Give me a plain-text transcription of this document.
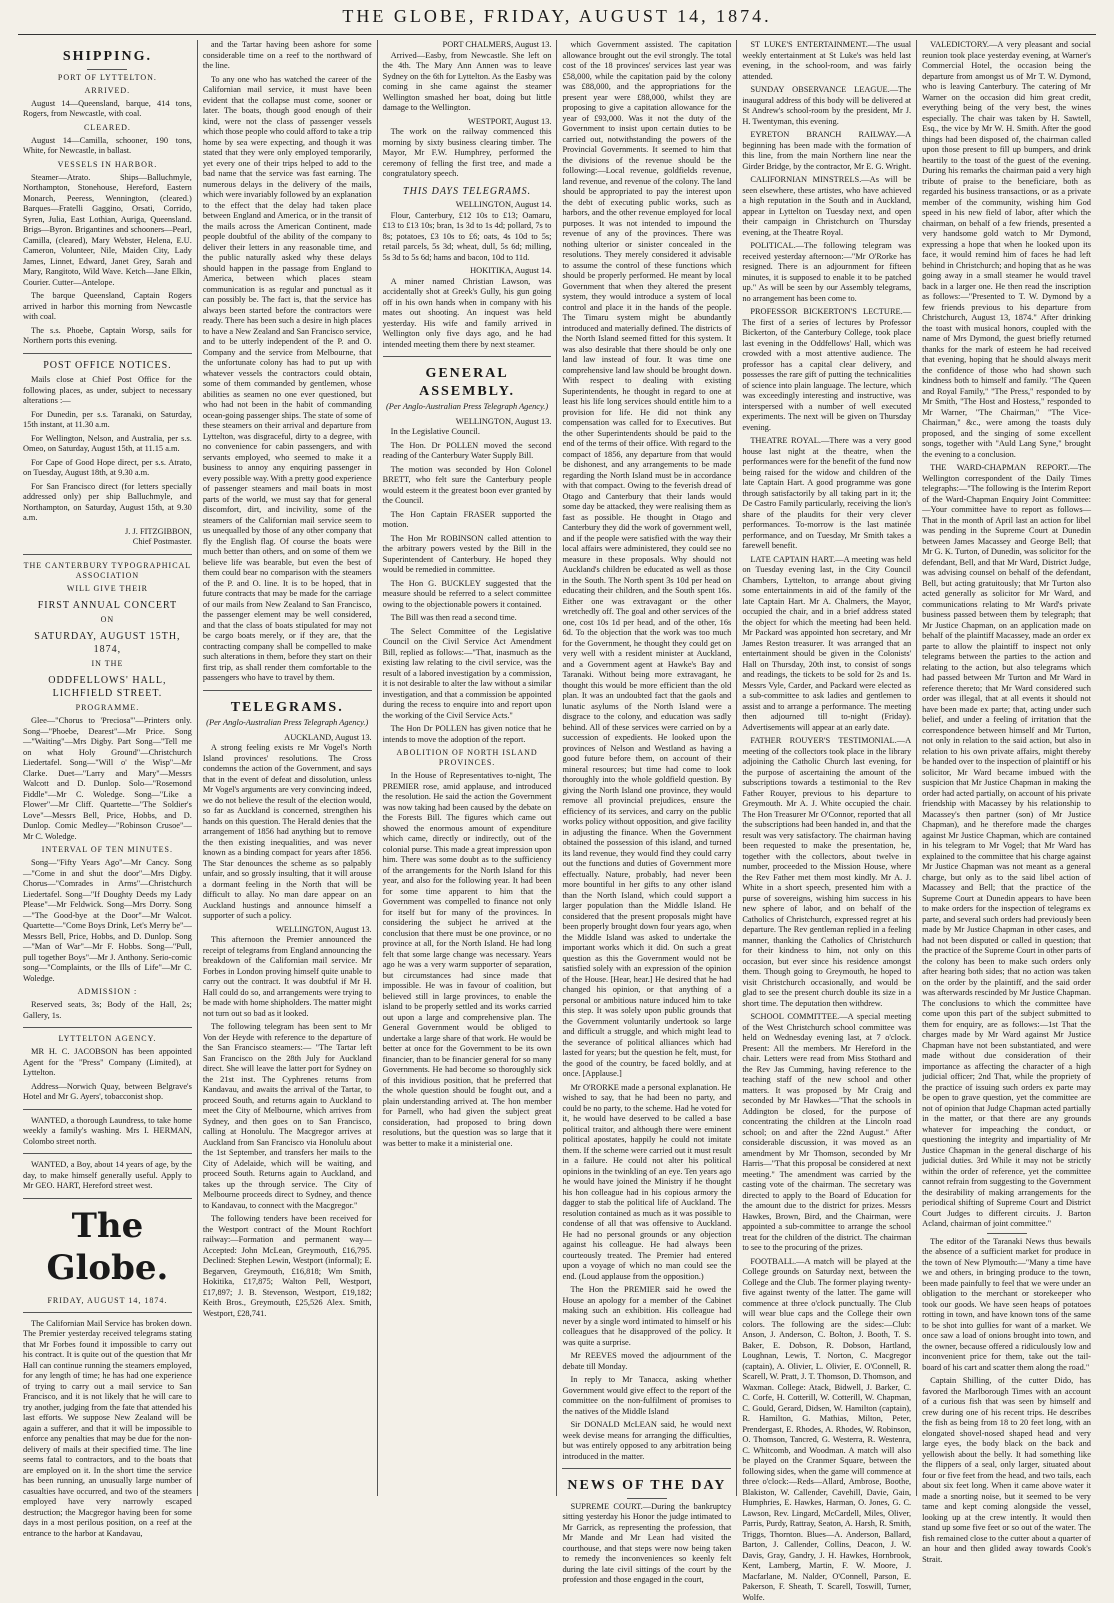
THE GLOBE, FRIDAY, AUGUST 14, 1874.
SHIPPING.
PORT OF LYTTELTON.
ARRIVED.

August 14—Queensland, barque, 414 tons, Rogers, from Newcastle, with coal.

CLEARED.

August 14—Camilla, schooner, 190 tons, White, for Newcastle, in ballast.

VESSELS IN HARBOR.

Steamer—Atrato. Ships—Balluchmyle, Northampton, Stonehouse, Hereford, Eastern Monarch, Peeress, Wennington, (cleared.) Barques—Fratelli Gaggino, Orsati, Corrido, Syren, Julia, East Lothian, Auriga, Queensland. Brigs—Byron. Brigantines and schooners—Pearl, Camilla, (cleared), Mary Webster, Helena, E.U. Cameron, Volunteer, Nile, Maiden City, Lady James, Linnet, Edward, Janet Grey, Sarah and Mary, Rangitoto, Wild Wave. Ketch—Jane Elkin, Courier. Cutter—Antelope.

The barque Queensland, Captain Rogers arrived in harbor this morning from Newcastle with coal.

The s.s. Phoebe, Captain Worsp, sails for Northern ports this evening.

POST OFFICE NOTICES.

Mails close at Chief Post Office for the following places, as under, subject to necessary alterations :—

For Dunedin, per s.s. Taranaki, on Saturday, 15th instant, at 11.30 a.m.

For Wellington, Nelson, and Australia, per s.s. Omeo, on Saturday, August 15th, at 11.15 a.m.

For Cape of Good Hope direct, per s.s. Atrato, on Tuesday, August 18th, at 9.30 a.m.

For San Francisco direct (for letters specially addressed only) per ship Balluchmyle, and Northampton, on Saturday, August 15th, at 9.30 a.m.

J. J. FITZGIBBON,
Chief Postmaster.
THE CANTERBURY TYPOGRAPHICAL ASSOCIATION
WILL GIVE THEIR
FIRST ANNUAL CONCERT
ON
SATURDAY, AUGUST 15TH, 1874,
IN THE
ODDFELLOWS' HALL, LICHFIELD STREET.
PROGRAMME.

Glee—"Chorus to 'Preciosa'"—Printers only. Song—"Phoebe, Dearest"—Mr Price. Song—"Waiting"—Mrs Digby. Part Song—"Tell me on what Holy Ground"—Christchurch Liedertafel. Song—"Will o' the Wisp"—Mr Clarke. Duet—"Larry and Mary"—Messrs Walcott and D. Dunlop. Solo—"Rosemond Fiddle"—Mr C. Woledge. Song—"Like a Flower"—Mr Cliff. Quartette—"The Soldier's Love"—Messrs Bell, Price, Hobbs, and D. Dunlop. Comic Medley—"Robinson Crusoe"—Mr C. Woledge.

INTERVAL OF TEN MINUTES.

Song—"Fifty Years Ago"—Mr Cancy. Song—"Come in and shut the door"—Mrs Digby. Chorus—"Comrades in Arms"—Christchurch Liedertafel. Song—"If Doughty Deeds my Lady Please"—Mr Feldwick. Song—Mrs Dorry. Song—"The Good-bye at the Door"—Mr Walcot. Quartette—"Come Boys Drink, Let's Merry be"—Messrs Bell, Price, Hobbs, and D. Dunlop. Song—"Man of War"—Mr F. Hobbs. Song—"Pull, pull together Boys"—Mr J. Anthony. Serio-comic song—"Complaints, or the Ills of Life"—Mr C. Woledge.

ADMISSION :

Reserved seats, 3s; Body of the Hall, 2s; Gallery, 1s.

LYTTELTON AGENCY.

MR H. C. JACOBSON has been appointed Agent for the "Press" Company (Limited), at Lyttelton.

Address—Norwich Quay, between Belgrave's Hotel and Mr G. Ayers', tobacconist shop.

WANTED, a thorough Laundress, to take home weekly a family's washing. Mrs I. HERMAN, Colombo street north.

WANTED, a Boy, about 14 years of age, by the day, to make himself generally useful. Apply to Mr GEO. HART, Hereford street west.

The Globe.
FRIDAY, AUGUST 14, 1874.

The Californian Mail Service has broken down. The Premier yesterday received telegrams stating that Mr Forbes found it impossible to carry out his contract. It is quite out of the question that Mr Hall can continue running the steamers employed, for any length of time; he has had one experience of trying to carry out a mail service to San Francisco, and it is not likely that he will care to try another, judging from the fate that attended his last efforts. We suppose New Zealand will be again a sufferer, and that it will be impossible to enforce any penalties that may be due for the non-delivery of mails at their specified time. The line seems fatal to contractors, and to the boats that are employed on it. In the short time the service has been running, an unusually large number of casualties have occurred, and two of the steamers employed have very narrowly escaped destruction; the Macgregor having been for some days in a most perilous position, on a reef at the entrance to the harbor at Kandavau,

and the Tartar having been ashore for some considerable time on a reef to the northward of the line.

To any one who has watched the career of the Californian mail service, it must have been evident that the collapse must come, sooner or later. The boats, though good enough of their kind, were not the class of passenger vessels which those people who could afford to take a trip home by sea were expecting, and though it was stated that they were only employed temporarily, yet every one of their trips helped to add to the bad name that the service was fast earning. The numerous delays in the delivery of the mails, which were invariably followed by an explanation to the effect that the delay had taken place between England and America, or in the transit of the mails across the American Continent, made people doubtful of the ability of the company to deliver their letters in any reasonable time, and the public naturally asked why these delays should happen in the passage from England to America, between which places steam communication is as regular and punctual as it can possibly be. The fact is, that the service has always been started before the contractors were ready. There has been such a desire in high places to have a New Zealand and San Francisco service, and to be utterly independent of the P. and O. Company and the service from Melbourne, that the unfortunate colony has had to put up with whatever vessels the contractors could obtain, some of them commanded by gentlemen, whose abilities as seamen no one ever questioned, but who had not been in the habit of commanding ocean-going passenger ships. The state of some of these steamers on their arrival and departure from Lyttelton, was disgraceful, dirty to a degree, with no convenience for cabin passengers, and with servants employed, who seemed to make it a business to annoy any enquiring passenger in every possible way. With a pretty good experience of passenger steamers and mail boats in most parts of the world, we must say that for general discomfort, dirt, and incivility, some of the steamers of the Californian mail service seem to us unequalled by those of any other company that fly the English flag. Of course the boats were much better than others, and on some of them we believe life was bearable, but even the best of them could bear no comparison with the steamers of the P. and O. line. It is to be hoped, that in future contracts that may be made for the carriage of our mails from New Zealand to San Francisco, the passenger element may be well considered, and that the class of boats stipulated for may not be cargo boats merely, or if they are, that the contracting company shall be compelled to make such alterations in them, before they start on their first trip, as shall render them comfortable to the passengers who have to travel by them.

TELEGRAMS.
(Per Anglo-Australian Press Telegraph Agency.)
AUCKLAND, August 13.

A strong feeling exists re Mr Vogel's North Island provinces' resolutions. The Cross condemns the action of the Government, and says that in the event of defeat and dissolution, unless Mr Vogel's arguments are very convincing indeed, we do not believe the result of the election would, so far as Auckland is concerned, strengthen his hands on this question. The Herald denies that the arrangement of 1856 had anything but to remove the then existing inequalities, and was never known as a binding compact for years after 1856. The Star denounces the scheme as so palpably unfair, and so grossly insulting, that it will arouse a dormant feeling in the North that will be difficult to allay. No man dare appear on an Auckland hustings and announce himself a supporter of such a policy.

WELLINGTON, August 13.

This afternoon the Premier announced the receipt of telegrams from England announcing the breakdown of the Californian mail service. Mr Forbes in London proving himself quite unable to carry out the contract. It was doubtful if Mr H. Hall could do so, and arrangements were trying to be made with home shipholders. The matter might not turn out so bad as it looked.

The following telegram has been sent to Mr Von der Heyde with reference to the departure of the San Francisco steamers:— "The Tartar left San Francisco on the 28th July for Auckland direct. She will leave the latter port for Sydney on the 21st inst. The Cyphrenes returns from Kandavau, and awaits the arrival of the Tartar, to proceed South, and returns again to Auckland to meet the City of Melbourne, which arrives from Sydney, and then goes on to San Francisco, calling at Honolulu. The Macgregor arrives at Auckland from San Francisco via Honolulu about the 1st September, and transfers her mails to the City of Adelaide, which will be waiting, and proceed South. Returns again to Auckland, and takes up the through service. The City of Melbourne proceeds direct to Sydney, and thence to Kandavau, to connect with the Macgregor."

The following tenders have been received for the Westport contract of the Mount Rochfort railway:—Formation and permanent way—Accepted: John McLean, Greymouth, £16,795. Declined: Stephen Lewin, Westport (informal); E. Begarven, Greymouth, £16,818; Wm Smith, Hokitika, £17,875; Walton Pell, Westport, £17,897; J. B. Stevenson, Westport, £19,182; Keith Bros., Greymouth, £25,526 Alex. Smith, Westport, £28,741.

PORT CHALMERS, August 13.

Arrived—Easby, from Newcastle. She left on the 4th. The Mary Ann Annen was to leave Sydney on the 6th for Lyttelton. As the Easby was coming in she came against the steamer Wellington smashed her boat, doing but little damage to the Wellington.

WESTPORT, August 13.

The work on the railway commenced this morning by sixty business clearing timber. The Mayor, Mr F.W. Humphrey, performed the ceremony of felling the first tree, and made a congratulatory speech.

THIS DAYS TELEGRAMS.
WELLINGTON, August 14.

Flour, Canterbury, £12 10s to £13; Oamaru, £13 to £13 10s; bran, 1s 3d to 1s 4d; pollard, 7s to 8s; potatoes, £3 10s to £6; oats, 4s 10d to 5s; retail parcels, 5s 3d; wheat, dull, 5s 6d; milling, 5s 3d to 5s 6d; hams and bacon, 10d to 11d.

HOKITIKA, August 14.

A miner named Christian Lawson, was accidentally shot at Greek's Gully, his gun going off in his own hands when in company with his mates out shooting. An inquest was held yesterday. His wife and family arrived in Wellington only five days ago, and he had intended meeting them there by next steamer.

GENERAL ASSEMBLY.
(Per Anglo-Australian Press Telegraph Agency.)
WELLINGTON, August 13.

In the Legislative Council.

The Hon. Dr POLLEN moved the second reading of the Canterbury Water Supply Bill.

The motion was seconded by Hon Colonel BRETT, who felt sure the Canterbury people would esteem it the greatest boon ever granted by the Council.

The Hon Captain FRASER supported the motion.

The Hon Mr ROBINSON called attention to the arbitrary powers vested by the Bill in the Superintendent of Canterbury. He hoped they would be remedied in committee.

The Hon G. BUCKLEY suggested that the measure should be referred to a select committee owing to the objectionable powers it contained.

The Bill was then read a second time.

The Select Committee of the Legislative Council on the Civil Service Act Amendment Bill, replied as follows:—"That, inasmuch as the existing law relating to the civil service, was the result of a labored investigation by a commission, it is not desirable to alter the law without a similar investigation, and that a commission be appointed during the recess to enquire into and report upon the working of the Civil Service Acts."

The Hon Dr POLLEN has given notice that he intends to move the adoption of the report.

ABOLITION OF NORTH ISLAND PROVINCES.

In the House of Representatives to-night, The PREMIER rose, amid applause, and introduced the resolution. He said the action the Government was now taking had been caused by the debate on the Forests Bill. The figures which came out showed the enormous amount of expenditure which came, directly or indirectly, out of the colonial purse. This made a great impression upon him. There was some doubt as to the sufficiency of the arrangements for the North Island for this year, and also for the following year. It had been for some time apparent to him that the Government was compelled to finance not only for itself but for many of the provinces. In considering the subject he arrived at the conclusion that there must be one province, or no province at all, for the North Island. He had long felt that some large change was necessary. Years ago he was a very warm supporter of separation, but circumstances had since made that impossible. He was in favour of coalition, but believed still in large provinces, to enable the island to be properly settled and its works carried out upon a large and comprehensive plan. The General Government would be obliged to undertake a large share of that work. He would be better at once for the Government to be its own financier, than to be financier general for so many Governments. He had become so thoroughly sick of this invidious position, that he preferred that the whole question should be fought out, and a plain understanding arrived at. The hon member for Parnell, who had given the subject great consideration, had proposed to bring down resolutions, but the question was so large that it was better to make it a ministerial one.

which Government assisted. The capitation allowance brought out the evil strongly. The total cost of the 18 provinces' services last year was £58,000, while the capitation paid by the colony was £88,000, and the appropriations for the present year were £88,000, whilst they are proposing to give a capitation allowance for the year of £93,000. Was it not the duty of the Government to insist upon certain duties to be carried out, notwithstanding the powers of the Provincial Governments. It seemed to him that the divisions of the revenue should be the following:—Local revenue, goldfields revenue, land revenue, and revenue of the colony. The land should be appropriated to pay the interest upon the debt of executing public works, such as harbors, and the other revenue employed for local purposes. It was not intended to impound the revenue of any of the provinces. There was nothing ulterior or sinister concealed in the resolutions. They merely considered it advisable to assume the control of these functions which should be properly performed. He meant by local Government that when they altered the present system, they would introduce a system of local control and place it in the hands of the people. The Timaru system might be abundantly introduced and materially defined. The districts of the North Island seemed fitted for this system. It was also desirable that there should be only one land law instead of four. It was time one comprehensive land law should be brought down. With respect to dealing with existing Superintendents, he thought in regard to one at least his life long services should entitle him to a provision for life. He did not think any compensation was called for to Executives. But the other Superintendents should be paid to the end of the terms of their office. With regard to the compact of 1856, any departure from that would be dishonest, and any arrangements to be made regarding the North Island must be in accordance with that compact. Owing to the feverish dread of Otago and Canterbury that their lands would some day be attacked, they were realising them as fast as possible. He thought in Otago and Canterbury they did the work of government well, and if the people were satisfied with the way their local affairs were administered, they could see no measure in these proposals. Why should not Auckland's children be educated as well as those in the South. The North spent 3s 10d per head on educating their children, and the South spent 16s. Either one was extravagant or the other wretchedly off. The goal and other services of the one, cost 10s 1d per head, and of the other, 16s 6d. To the objection that the work was too much for the Government, he thought they could get on very well with a resident minister at Auckland, and a Government agent at Hawke's Bay and Taranaki. Without being more extravagant, he thought this would be more efficient than the old plan. It was an undoubted fact that the gaols and lunatic asylums of the North Island were a disgrace to the colony, and education was sadly behind. All of these services were carried on by a succession of expedients. He looked upon the provinces of Nelson and Westland as having a good future before them, on account of their mineral resources; but time had come to look thoroughly into the whole goldfield question. By giving the North Island one province, they would remove all provincial prejudices, ensure the efficiency of its services, and carry on the public works policy without opposition, and give facility in adjusting the finance. When the Government obtained the possession of this island, and turned its land revenue, they would find they could carry out the functions and duties of Government more effectually. Nature, probably, had never been more bountiful in her gifts to any other island than the North Island, which could support a larger population than the Middle Island. He considered that the present proposals might have been properly brought down four years ago, when the Middle Island was asked to undertake the important works which it did. On such a great question as this the Government would not be satisfied solely with an expression of the opinion of the House. [Hear, hear.] He desired that he had changed his opinion, or that anything of a personal or ambitious nature induced him to take this step. It was solely upon public grounds that the Government voluntarily undertook so large and difficult a struggle, and which might lead to the severance of political alliances which had lasted for years; but the question he felt, must, for the good of the country, be faced boldly, and at once. [Applause.]

Mr O'RORKE made a personal explanation. He wished to say, that he had been no party, and could be no party, to the scheme. Had he voted for it, he would have deserved to be called a base political traitor, and although there were eminent political apostates, happily he could not imitate them. If the scheme were carried out it must result in a failure. He could not alter his political opinions in the twinkling of an eye. Ten years ago he would have joined the Ministry if he thought his hon colleague had in his copious armory the dagger to stab the political life of Auckland. The resolution contained as much as it was possible to condense of all that was offensive to Auckland. He had no personal grounds or any objection against his colleague. He had always been courteously treated. The Premier had entered upon a voyage of which no man could see the end. (Loud applause from the opposition.)

The Hon the PREMIER said he owed the House an apology for a member of the Cabinet making such an exhibition. His colleague had never by a single word intimated to himself or his colleagues that he disapproved of the policy. It was quite a surprise.

Mr REEVES moved the adjournment of the debate till Monday.

In reply to Mr Tanacca, asking whether Government would give effect to the report of the committee on the non-fulfilment of promises to the natives of the Middle Island

Sir DONALD McLEAN said, he would next week devise means for arranging the difficulties, but was entirely opposed to any arbitration being introduced in the matter.

NEWS OF THE DAY

SUPREME COURT.—During the bankruptcy sitting yesterday his Honor the judge intimated to Mr Garrick, as representing the profession, that Mr Mande and Mr Lean had visited the courthouse, and that steps were now being taken to remedy the inconveniences so keenly felt during the late civil sittings of the court by the profession and those engaged in the court,

ST LUKE'S ENTERTAINMENT.—The usual weekly entertainment at St Luke's was held last evening, in the school-room, and was fairly attended.

SUNDAY OBSERVANCE LEAGUE.—The inaugural address of this body will be delivered at St Andrew's school-room by the president, Mr J. H. Twentyman, this evening.

EYRETON BRANCH RAILWAY.—A beginning has been made with the formation of this line, from the main Northern line near the Girder Bridge, by the contractor, Mr E. G. Wright.

CALIFORNIAN MINSTRELS.—As will be seen elsewhere, these artistes, who have achieved a high reputation in the South and in Auckland, appear in Lyttelton on Tuesday next, and open their campaign in Christchurch on Thursday evening, at the Theatre Royal.

POLITICAL.—The following telegram was received yesterday afternoon:—"Mr O'Rorke has resigned. There is an adjournment for fifteen minutes, it is supposed to enable it to be patched up." As will be seen by our Assembly telegrams, no arrangement has been come to.

PROFESSOR BICKERTON'S LECTURE.—The first of a series of lectures by Professor Bickerton, of the Canterbury College, took place last evening in the Oddfellows' Hall, which was crowded with a most attentive audience. The professor has a capital clear delivery, and possesses the rare gift of putting the technicalities of science into plain language. The lecture, which was exceedingly interesting and instructive, was interspersed with a number of well executed experiments. The next will be given on Thursday evening.

THEATRE ROYAL.—There was a very good house last night at the theatre, when the performances were for the benefit of the fund now being raised for the widow and children of the late Captain Hart. A good programme was gone through satisfactorily by all taking part in it; the De Castro Family particularly, receiving the lion's share of the plaudits for their very clever performances. To-morrow is the last matinée performance, and on Tuesday, Mr Smith takes a farewell benefit.

LATE CAPTAIN HART.—A meeting was held on Tuesday evening last, in the City Council Chambers, Lyttelton, to arrange about giving some entertainments in aid of the family of the late Captain Hart. Mr A. Chalmers, the Mayor, occupied the chair, and in a brief address stated the object for which the meeting had been held. Mr Packard was appointed hon secretary, and Mr James Reston treasurer. It was arranged that an entertainment should be given in the Colonists' Hall on Thursday, 20th inst, to consist of songs and readings, the tickets to be sold for 2s and 1s. Messrs Vyle, Carder, and Packard were elected as a sub-committee to ask ladies and gentlemen to assist and to arrange a performance. The meeting then adjourned till to-night (Friday). Advertisements will appear at an early date.

FATHER ROUYER'S TESTIMONIAL.—A meeting of the collectors took place in the library adjoining the Catholic Church last evening, for the purpose of ascertaining the amount of the subscriptions towards a testimonial to the Rev Father Rouyer, previous to his departure to Greymouth. Mr A. J. White occupied the chair. The Hon Treasurer Mr O'Connor, reported that all the subscriptions had been handed in, and that the result was very satisfactory. The chairman having been requested to make the presentation, he, together with the collectors, about twelve in number, proceeded to the Mission House, where the Rev Father met them most kindly. Mr A. J. White in a short speech, presented him with a purse of sovereigns, wishing him success in his new sphere of labor, and on behalf of the Catholics of Christchurch, expressed regret at his departure. The Rev gentleman replied in a feeling manner, thanking the Catholics of Christchurch for their kindness to him, not only on this occasion, but ever since his residence amongst them. Though going to Greymouth, he hoped to visit Christchurch occasionally, and would be glad to see the present church double its size in a short time. The deputation then withdrew.

SCHOOL COMMITTEE.—A special meeting of the West Christchurch school committee was held on Wednesday evening last, at 7 o'clock. Present: All the members. Mr Hereford in the chair. Letters were read from Miss Stothard and the Rev Jas Cumming, having reference to the teaching staff of the new school and other matters. It was proposed by Mr Craig and seconded by Mr Hawkes—"That the schools in Addington be closed, for the purpose of concentrating the children at the Lincoln road school; on and after the 22nd August." After considerable discussion, it was moved as an amendment by Mr Thomson, seconded by Mr Harris—"That this proposal be considered at next meeting." The amendment was carried by the casting vote of the chairman. The secretary was directed to apply to the Board of Education for the amount due to the district for prizes. Messrs Hawkes, Brown, Bird, and the Chairman, were appointed a sub-committee to arrange the school treat for the children of the district. The chairman to see to the procuring of the prizes.

FOOTBALL.—A match will be played at the College grounds on Saturday next, between the College and the Club. The former playing twenty-five against twenty of the latter. The game will commence at three o'clock punctually. The Club will wear blue caps and the College their own colors. The following are the sides:—Club: Anson, J. Anderson, C. Bolton, J. Booth, T. S. Baker, E. Dobson, R. Dobson, Hartland, Loughnan, Lewis, T. Norton, C. Macgregor (captain), A. Olivier, L. Olivier, E. O'Connell, R. Scarell, W. Pratt, J. T. Thomson, D. Thomson, and Waxman. College: Atack, Bidwell, J. Barker, C. C. Corfe, H. Cotterill, W. Cotterill, W. Chapman, C. Gould, Gerard, Didsen, W. Hamilton (captain), R. Hamilton, G. Mathias, Milton, Peter, Prendergast, E. Rhodes, A. Rhodes, W. Robinson, O. Thomson, Tancred, G. Westerra, R. Westenra, C. Whitcomb, and Woodman. A match will also be played on the Cranmer Square, between the following sides, when the game will commence at three o'clock:—Reds—Allard, Ambrose, Boothe, Blakiston, W. Callender, Cavehill, Davie, Gain, Humphries, E. Hawkes, Harman, O. Jones, G. C. Lawson, Rev. Lingard, McCardell, Miles, Oliver, Parris, Purdy, Rattray, Seaton, A. Harsh, R. Smith, Triggs, Thornton. Blues—A. Anderson, Ballard, Barton, J. Callender, Collins, Deacon, J. W. Davis, Gray, Gandry, J. H. Hawkes, Hornbrook, Kent, Lamberg, Martin, F. W. Moore, J. Macfarlane, M. Nalder, O'Connell, Parson, E. Pakerson, F. Sheath, T. Scarell, Toswill, Turner, Wolfe.

VALEDICTORY.—A very pleasant and social reunion took place yesterday evening, at Warner's Commercial Hotel, the occasion being the departure from amongst us of Mr T. W. Dymond, who is leaving Canterbury. The catering of Mr Warner on the occasion did him great credit, everything being of the very best, the wines especially. The chair was taken by H. Sawtell, Esq., the vice by Mr W. H. Smith. After the good things had been disposed of, the chairman called upon those present to fill up bumpers, and drink heartily to the toast of the guest of the evening. During his remarks the chairman paid a very high tribute of praise to the beneficiare, both as regarded his business transactions, or as a private member of the community, wishing him God speed in his new field of labor, after which the chairman, on behalf of a few friends, presented a very handsome gold watch to Mr Dymond, expressing a hope that when he looked upon its face, it would remind him of faces he had left behind in Christchurch; and hoping that as he was going away in a small steamer he would travel back in a larger one. He then read the inscription as follows:—"Presented to T. W. Dymond by a few friends previous to his departure from Christchurch, August 13, 1874." After drinking the toast with musical honors, coupled with the name of Mrs Dymond, the guest briefly returned thanks for the mark of esteem he had received that evening, hoping that he should always merit the confidence of those who had shown such kindness both to himself and family. "The Queen and Royal Family," "The Press," responded to by Mr Smith, "The Host and Hostess," responded to Mr Warner, "The Chairman," "The Vice-Chairman," &c., were among the toasts duly proposed, and the singing of some excellent songs, together with "Auld Lang Syne," brought the evening to a conclusion.

THE WARD-CHAPMAN REPORT.—The Wellington correspondent of the Daily Times telegraphs:—"The following is the Interim Report of the Ward-Chapman Enquiry Joint Committee:—Your committee have to report as follows—That in the month of April last an action for libel was pending in the Supreme Court at Dunedin between James Macassey and George Bell; that Mr G. K. Turton, of Dunedin, was solicitor for the defendant, Bell, and that Mr Ward, District Judge, was advising counsel on behalf of the defendant, Bell, but acting gratuitously; that Mr Turton also acted generally as solicitor for Mr Ward, and communications relating to Mr Ward's private business passed between them by telegraph; that Mr Justice Chapman, on an application made on behalf of the plaintiff Macassey, made an order ex parte to allow the plaintiff to inspect not only telegrams between the parties to the action and relating to the action, but also telegrams which had passed between Mr Turton and Mr Ward in reference thereto; that Mr Ward considered such order was illegal, that at all events it should not have been made ex parte; that, acting under such belief, and under a feeling of irritation that the correspondence between himself and Mr Turton, not only in relation to the said action, but also in relation to his own private affairs, might thereby be handed over to the inspection of plaintiff or his solicitor, Mr Ward became imbued with the suspicion that Mr Justice Chapman in making the order had acted partially, on account of his private friendship with Macassey by his relationship to Macassey's then partner (son) of Mr Justice Chapman), and he therefore made the charges against Mr Justice Chapman, which are contained in his telegram to Mr Vogel; that Mr Ward has explained to the committee that his charge against Mr Justice Chapman was not meant as a general charge, but only as to the said libel action of Macassey and Bell; that the practice of the Supreme Court at Dunedin appears to have been to make orders for the inspection of telegrams ex parte, and several such orders had previously been made by Mr Justice Chapman in other cases, and had not been disputed or called in question; that the practice of the Supreme Court in other parts of the colony has been to make such orders only after hearing both sides; that no action was taken on the order by the plaintiff, and the said order was afterwards rescinded by Mr Justice Chapman. The conclusions to which the committee have come upon this part of the subject submitted to them for enquiry, are as follows:—1st That the charges made by Mr Ward against Mr Justice Chapman have not been substantiated, and were made without due consideration of their importance as affecting the character of a high judicial officer; 2nd That, while the propriety of the practice of issuing such orders ex parte may be open to grave question, yet the committee are not of opinion that Judge Chapman acted partially in the matter, or that there are any grounds whatever for impeaching the conduct, or questioning the integrity and impartiality of Mr Justice Chapman in the general discharge of his judicial duties. 3rd While it may not be strictly within the order of reference, yet the committee cannot refrain from suggesting to the Government the desirability of making arrangements for the periodical shifting of Supreme Court and District Court Judges to different circuits. J. Barton Acland, chairman of joint committee."

The editor of the Taranaki News thus bewails the absence of a sufficient market for produce in the town of New Plymouth:—"Many a time have we and others, in bringing produce to the town, been made painfully to feel that we were under an obligation to the merchant or storekeeper who took our goods. We have seen heaps of potatoes rotting in town, and have known tons of the same to be shot into gullies for want of a market. We once saw a load of onions brought into town, and the owner, because offered a ridiculously low and inconvenient price for them, take out the tail-board of his cart and scatter them along the road."

Captain Shilling, of the cutter Dido, has favored the Marlborough Times with an account of a curious fish that was seen by himself and crew during one of his recent trips. He describes the fish as being from 18 to 20 feet long, with an elongated shovel-nosed shaped head and very large eyes, the body black on the back and yellowish about the belly. It had something like the flippers of a seal, only larger, situated about four or five feet from the head, and two tails, each about six feet long. When it came above water it made a snorting noise, but it seemed to be very tame and kept coming alongside the vessel, looking up at the crew intently. It would then stand up some five feet or so out of the water. The fish remained close to the cutter about a quarter of an hour and then glided away towards Cook's Strait.
